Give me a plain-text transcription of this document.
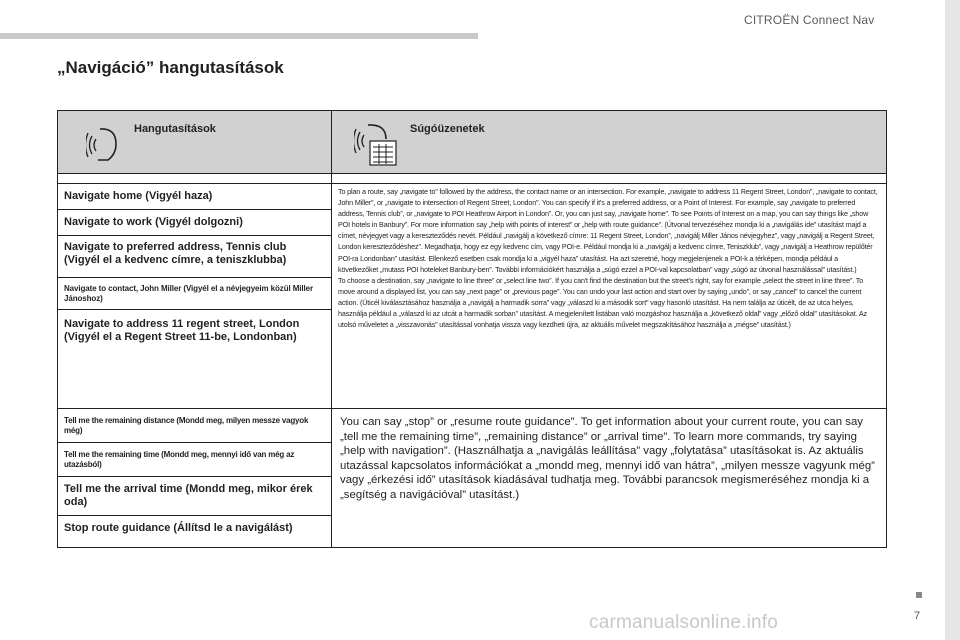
CITROËN Connect Nav
„Navigáció” hangutasítások
Hangutasítások	Súgóüzenetek

Navigate home (Vigyél haza)	To plan a route, say „navigate to” followed by the address, the contact name or an intersection. For example, „navigate to address 11 Regent Street, London”, „navigate to contact, John Miller”, or „navigate to intersection of Regent Street, London”. You can specify if it's a preferred address, or a Point of Interest. For example, say „navigate to preferred address, Tennis club”, or „navigate to POI Heathrow Airport in London”. Or, you can just say, „navigate home”. To see Points of Interest on a map, you can say things like „show POI hotels in Banbury”. For more information say „help with points of interest” or „help with route guidance”. (Útvonal tervezéséhez mondja ki a „navigálás ide” utasítást majd a címet, névjegyet vagy a kereszteződés nevét. Például „navigálj a következő címre: 11 Regent Street, London”, „navigálj Miller János névjegyhez”, vagy „navigálj a Regent Street, London kereszteződéshez”. Megadhatja, hogy ez egy kedvenc cím, vagy POI-e. Például mondja ki a „navigálj a kedvenc címre, Teniszklub”, vagy „navigálj a Heathrow repülőtér POI-ra Londonban” utasítást. Ellenkező esetben csak mondja ki a „vigyél haza” utasítást. Ha azt szeretné, hogy megjelenjenek a POI-k a térképen, mondja például a következőket „mutass POI hoteleket Banbury-ben”. További információkért használja a „súgó ezzel a POI-val kapcsolatban” vagy „súgó az útvonal használással” utasítást.)

To choose a destination, say „navigate to line three” or „select line two”. If you can't find the destination but the street's right, say for example „select the street in line three”. To move around a displayed list, you can say „next page” or „previous page”. You can undo your last action and start over by saying „undo”, or say „cancel” to cancel the current action. (Úticél kiválasztásához használja a „navigálj a harmadik sorra” vagy „válaszd ki a második sort” vagy hasonló utasítást. Ha nem találja az úticélt, de az utca helyes, használja például a „válaszd ki az utcát a harmadik sorban” utasítást. A megjelenített listában való mozgáshoz használja a „következő oldal” vagy „előző oldal” utasításokat. Az utolsó műveletet a „visszavonás” utasítással vonhatja vissza vagy kezdheti újra, az aktuális művelet megszakításához használja a „mégse” utasítást.)

Navigate to work (Vigyél dolgozni)	
Navigate to preferred address, Tennis club (Vigyél el a kedvenc címre, a teniszklubba)	
Navigate to contact, John Miller (Vigyél el a névjegyeim közül Miller Jánoshoz)	
Navigate to address 11 regent street, London (Vigyél el a Regent Street 11-be, Londonban)	
Tell me the remaining distance (Mondd meg, milyen messze vagyok még)	You can say „stop” or „resume route guidance”. To get information about your current route, you can say „tell me the remaining time”, „remaining distance” or „arrival time”. To learn more commands, try saying „help with navigation”. (Használhatja a „navigálás leállítása” vagy „folytatása” utasításokat is. Az aktuális utazással kapcsolatos információkat a „mondd meg, mennyi idő van hátra”, „milyen messze vagyunk még” vagy „érkezési idő” utasítások kiadásával tudhatja meg. További parancsok megismeréséhez mondja ki a „segítség a navigációval” utasítást.)
Tell me the remaining time (Mondd meg, mennyi idő van még az utazásból)	
Tell me the arrival time (Mondd meg, mikor érek oda)	
Stop route guidance (Állítsd le a navigálást)	
7
carmanualsonline.info
